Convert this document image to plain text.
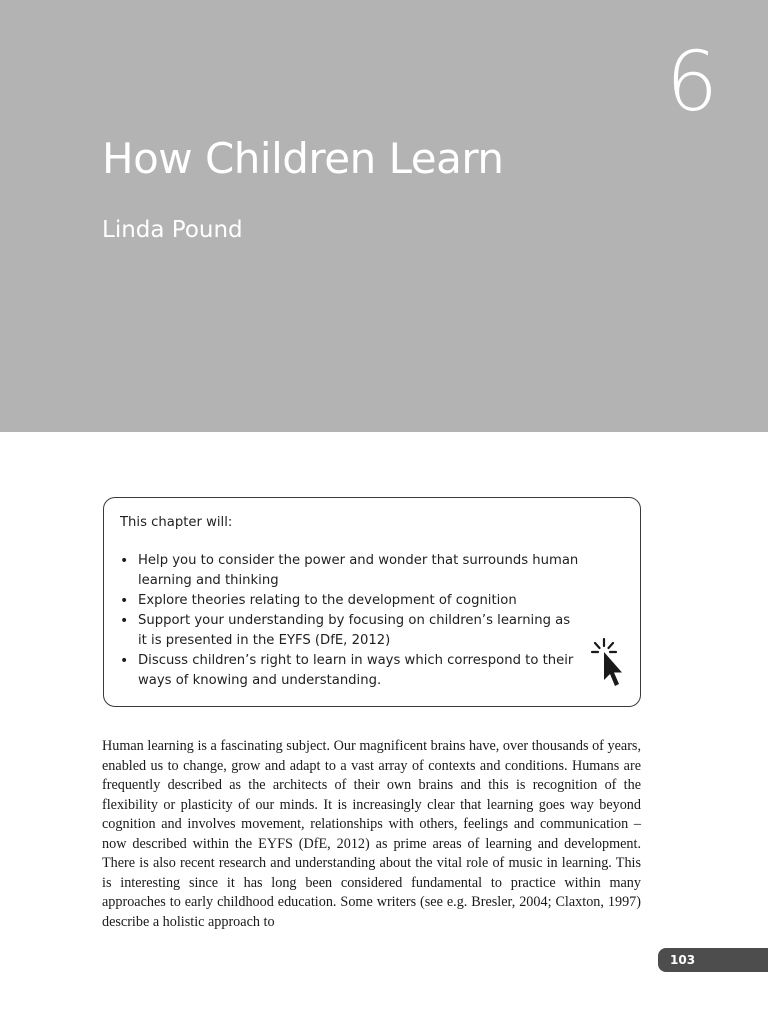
6
How Children Learn
Linda Pound

This chapter will:

• Help you to consider the power and wonder that surrounds human learning and thinking
• Explore theories relating to the development of cognition
• Support your understanding by focusing on children’s learning as it is presented in the EYFS (DfE, 2012)
• Discuss children’s right to learn in ways which correspond to their ways of knowing and understanding.

Human learning is a fascinating subject. Our magnificent brains have, over thousands of years, enabled us to change, grow and adapt to a vast array of contexts and conditions. Humans are frequently described as the architects of their own brains and this is recognition of the flexibility or plasticity of our minds. It is increasingly clear that learning goes way beyond cognition and involves movement, relationships with others, feelings and communication – now described within the EYFS (DfE, 2012) as prime areas of learning and development. There is also recent research and understanding about the vital role of music in learning. This is interesting since it has long been considered fundamental to practice within many approaches to early childhood education. Some writers (see e.g. Bresler, 2004; Claxton, 1997) describe a holistic approach to

103
